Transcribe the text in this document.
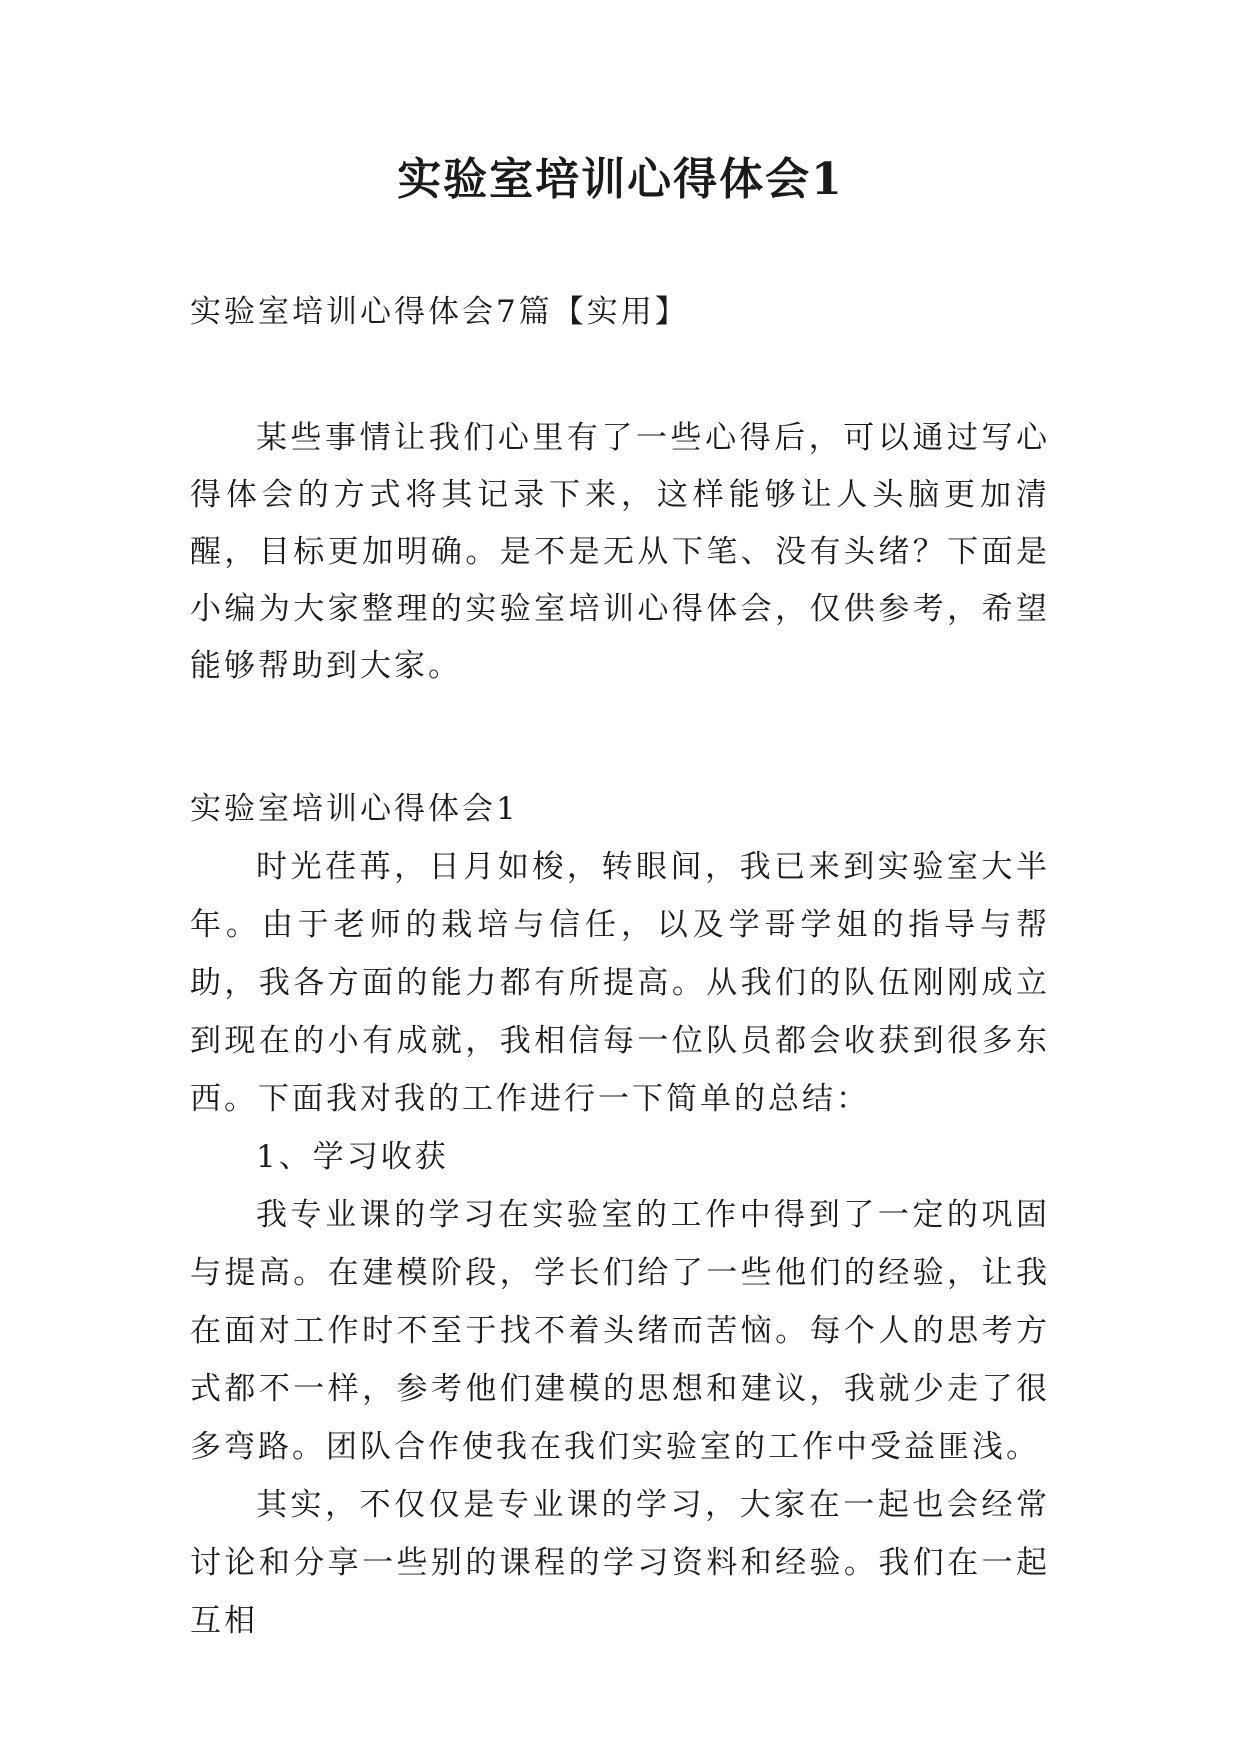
实验室培训心得体会1
实验室培训心得体会7篇【实用】
某些事情让我们心里有了一些心得后，可以通过写心得体会的方式将其记录下来，这样能够让人头脑更加清醒，目标更加明确。是不是无从下笔、没有头绪？下面是小编为大家整理的实验室培训心得体会，仅供参考，希望能够帮助到大家。

实验室培训心得体会1

时光荏苒，日月如梭，转眼间，我已来到实验室大半年。由于老师的栽培与信任，以及学哥学姐的指导与帮助，我各方面的能力都有所提高。从我们的队伍刚刚成立到现在的小有成就，我相信每一位队员都会收获到很多东西。下面我对我的工作进行一下简单的总结：

1、学习收获

我专业课的学习在实验室的工作中得到了一定的巩固与提高。在建模阶段，学长们给了一些他们的经验，让我在面对工作时不至于找不着头绪而苦恼。每个人的思考方式都不一样，参考他们建模的思想和建议，我就少走了很多弯路。团队合作使我在我们实验室的工作中受益匪浅。

其实，不仅仅是专业课的学习，大家在一起也会经常讨论和分享一些别的课程的学习资料和经验。我们在一起互相
